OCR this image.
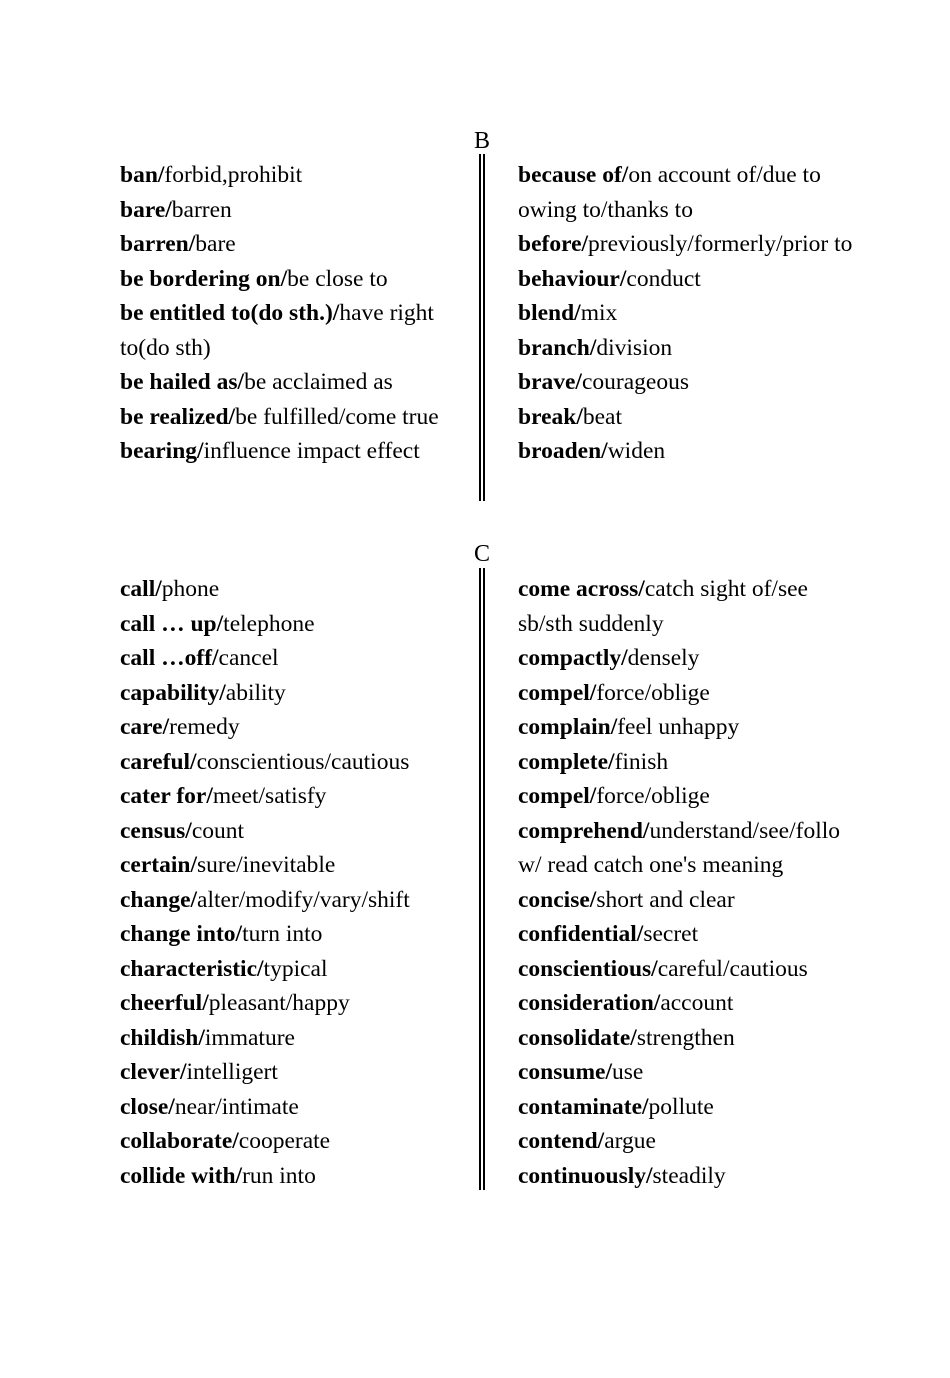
B
ban/forbid,prohibit
bare/barren
barren/bare
be bordering on/be close to
be entitled to(do sth.)/have right to(do sth)
be hailed as/be acclaimed as
be realized/be fulfilled/come true
bearing/influence impact effect
because of/on account of/due to owing to/thanks to
before/previously/formerly/prior to
behaviour/conduct
blend/mix
branch/division
brave/courageous
break/beat
broaden/widen
C
call/phone
call … up/telephone
call …off/cancel
capability/ability
care/remedy
careful/conscientious/cautious
cater for/meet/satisfy
census/count
certain/sure/inevitable
change/alter/modify/vary/shift
change into/turn into
characteristic/typical
cheerful/pleasant/happy
childish/immature
clever/intelligert
close/near/intimate
collaborate/cooperate
collide with/run into
come across/catch sight of/see sb/sth suddenly
compactly/densely
compel/force/oblige
complain/feel unhappy
complete/finish
compel/force/oblige
comprehend/understand/see/follow/ read catch one's meaning
concise/short and clear
confidential/secret
conscientious/careful/cautious
consideration/account
consolidate/strengthen
consume/use
contaminate/pollute
contend/argue
continuously/steadily
